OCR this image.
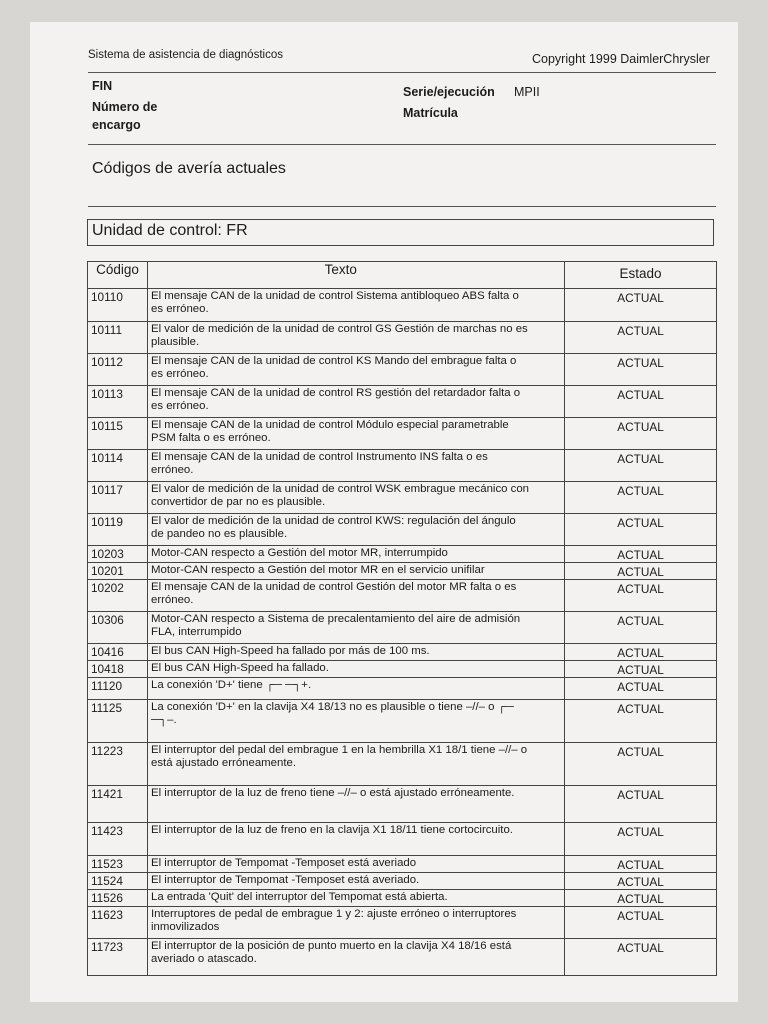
Sistema de asistencia de diagnósticos	Copyright 1999 DaimlerChrysler
FIN
Número de
encargo
Serie/ejecución MPII
Matrícula
Códigos de avería actuales
Unidad de control: FR
Código	Texto		Estado
10110	El mensaje CAN de la unidad de control Sistema antibloqueo ABS falta o es erróneo.		ACTUAL
10111	El valor de medición de la unidad de control GS Gestión de marchas no es plausible.		ACTUAL
10112	El mensaje CAN de la unidad de control KS Mando del embrague falta o es erróneo.		ACTUAL
10113	El mensaje CAN de la unidad de control RS gestión del retardador falta o es erróneo.		ACTUAL
10115	El mensaje CAN de la unidad de control Módulo especial parametrable PSM falta o es erróneo.		ACTUAL
10114	El mensaje CAN de la unidad de control Instrumento INS falta o es erróneo.		ACTUAL
10117	El valor de medición de la unidad de control WSK embrague mecánico con convertidor de par no es plausible.		ACTUAL
10119	El valor de medición de la unidad de control KWS: regulación del ángulo de pandeo no es plausible.		ACTUAL
10203	Motor-CAN respecto a Gestión del motor MR, interrumpido		ACTUAL
10201	Motor-CAN respecto a Gestión del motor MR en el servicio unifilar		ACTUAL
10202	El mensaje CAN de la unidad de control Gestión del motor MR falta o es erróneo.		ACTUAL
10306	Motor-CAN respecto a Sistema de precalentamiento del aire de admisión FLA, interrumpido		ACTUAL
10416	El bus CAN High-Speed ha fallado por más de 100 ms.		ACTUAL
10418	El bus CAN High-Speed ha fallado.		ACTUAL
11120	La conexión 'D+' tiene ┌─ ─┐+.		ACTUAL
11125	La conexión 'D+' en la clavija X4 18/13 no es plausible o tiene –//– o ┌─ ─┐–.		ACTUAL
11223	El interruptor del pedal del embrague 1 en la hembrilla X1 18/1 tiene –//– o está ajustado erróneamente.		ACTUAL
11421	El interruptor de la luz de freno tiene –//– o está ajustado erróneamente.		ACTUAL
11423	El interruptor de la luz de freno en la clavija X1 18/11 tiene cortocircuito.		ACTUAL
11523	El interruptor de Tempomat -Temposet está averiado		ACTUAL
11524	El interruptor de Tempomat -Temposet está averiado.		ACTUAL
11526	La entrada 'Quit' del interruptor del Tempomat está abierta.		ACTUAL
11623	Interruptores de pedal de embrague 1 y 2: ajuste erróneo o interruptores inmovilizados		ACTUAL
11723	El interruptor de la posición de punto muerto en la clavija X4 18/16 está averiado o atascado.		ACTUAL
